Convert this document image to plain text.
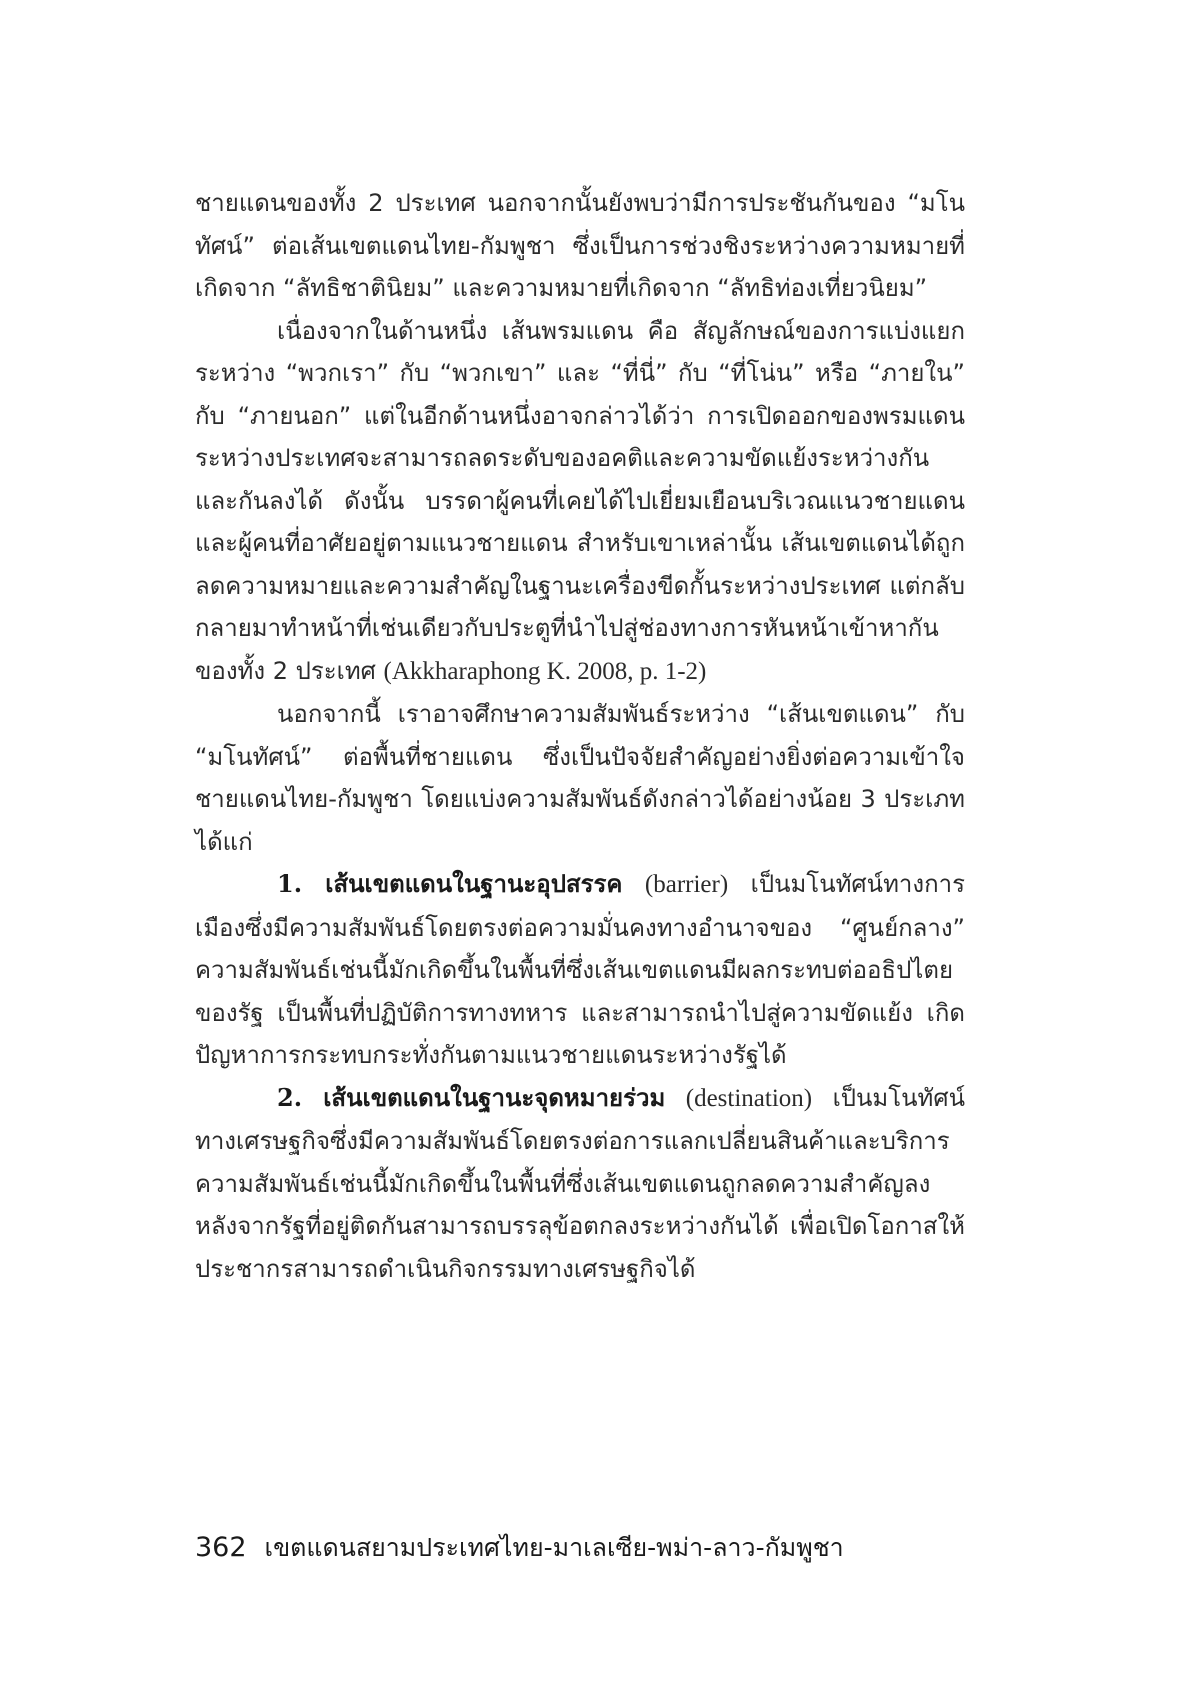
ชายแดนของทั้ง 2 ประเทศ นอกจากนั้นยังพบว่ามีการประชันกันของ “มโนทัศน์” ต่อเส้นเขตแดนไทย-กัมพูชา ซึ่งเป็นการช่วงชิงระหว่างความหมายที่เกิดจาก “ลัทธิชาตินิยม” และความหมายที่เกิดจาก “ลัทธิท่องเที่ยวนิยม”

เนื่องจากในด้านหนึ่ง เส้นพรมแดน คือ สัญลักษณ์ของการแบ่งแยกระหว่าง “พวกเรา” กับ “พวกเขา” และ “ที่นี่” กับ “ที่โน่น” หรือ “ภายใน” กับ “ภายนอก” แต่ในอีกด้านหนึ่งอาจกล่าวได้ว่า การเปิดออกของพรมแดนระหว่างประเทศจะสามารถลดระดับของอคติและความขัดแย้งระหว่างกันและกันลงได้ ดังนั้น บรรดาผู้คนที่เคยได้ไปเยี่ยมเยือนบริเวณแนวชายแดนและผู้คนที่อาศัยอยู่ตามแนวชายแดน สำหรับเขาเหล่านั้น เส้นเขตแดนได้ถูกลดความหมายและความสำคัญในฐานะเครื่องขีดกั้นระหว่างประเทศ แต่กลับกลายมาทำหน้าที่เช่นเดียวกับประตูที่นำไปสู่ช่องทางการหันหน้าเข้าหากันของทั้ง 2 ประเทศ (Akkharaphong K. 2008, p. 1-2)

นอกจากนี้ เราอาจศึกษาความสัมพันธ์ระหว่าง “เส้นเขตแดน” กับ “มโนทัศน์” ต่อพื้นที่ชายแดน ซึ่งเป็นปัจจัยสำคัญอย่างยิ่งต่อความเข้าใจชายแดนไทย-กัมพูชา โดยแบ่งความสัมพันธ์ดังกล่าวได้อย่างน้อย 3 ประเภท ได้แก่

1. เส้นเขตแดนในฐานะอุปสรรค (barrier) เป็นมโนทัศน์ทางการเมืองซึ่งมีความสัมพันธ์โดยตรงต่อความมั่นคงทางอำนาจของ “ศูนย์กลาง” ความสัมพันธ์เช่นนี้มักเกิดขึ้นในพื้นที่ซึ่งเส้นเขตแดนมีผลกระทบต่ออธิปไตยของรัฐ เป็นพื้นที่ปฏิบัติการทางทหาร และสามารถนำไปสู่ความขัดแย้ง เกิดปัญหาการกระทบกระทั่งกันตามแนวชายแดนระหว่างรัฐได้

2. เส้นเขตแดนในฐานะจุดหมายร่วม (destination) เป็นมโนทัศน์ทางเศรษฐกิจซึ่งมีความสัมพันธ์โดยตรงต่อการแลกเปลี่ยนสินค้าและบริการ ความสัมพันธ์เช่นนี้มักเกิดขึ้นในพื้นที่ซึ่งเส้นเขตแดนถูกลดความสำคัญลง หลังจากรัฐที่อยู่ติดกันสามารถบรรลุข้อตกลงระหว่างกันได้ เพื่อเปิดโอกาสให้ประชากรสามารถดำเนินกิจกรรมทางเศรษฐกิจได้

362 เขตแดนสยามประเทศไทย-มาเลเซีย-พม่า-ลาว-กัมพูชา
